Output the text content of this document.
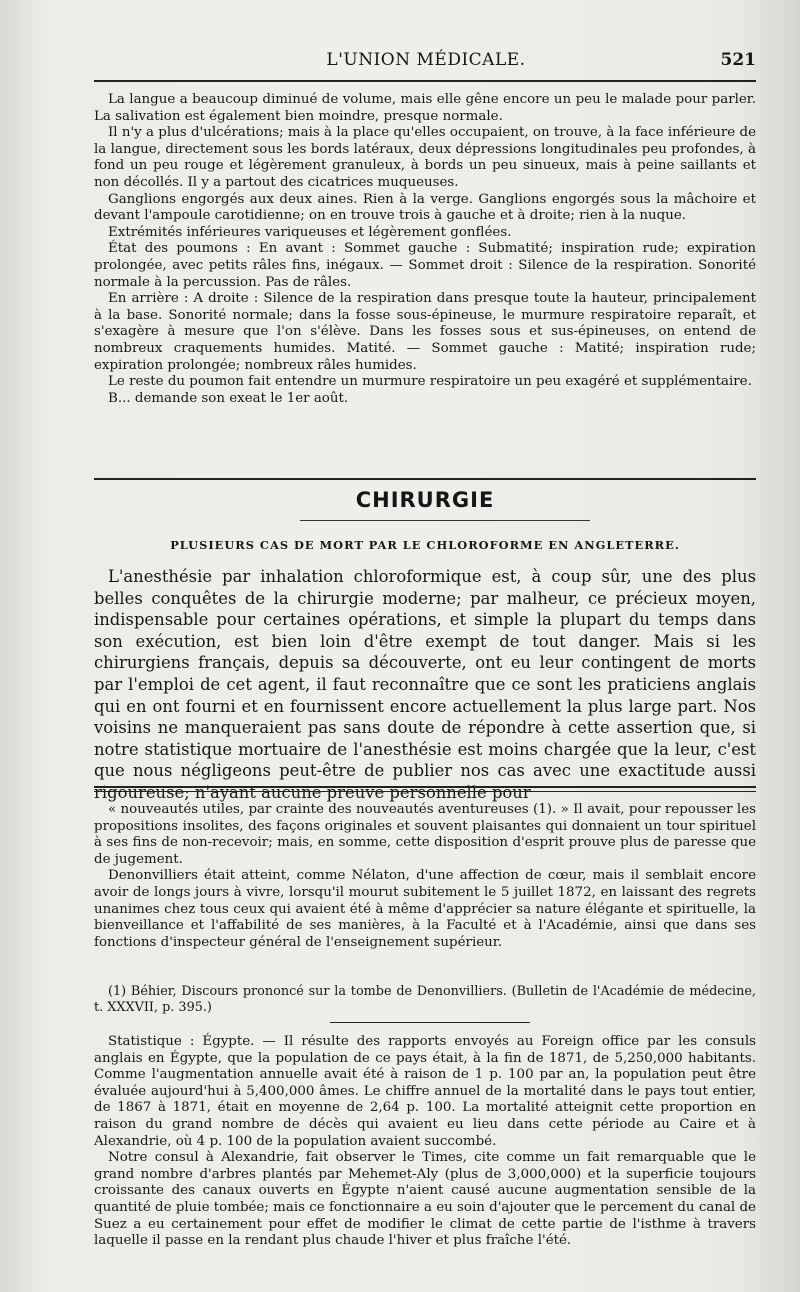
L'UNION MÉDICALE.	521

La langue a beaucoup diminué de volume, mais elle gêne encore un peu le malade pour parler. La salivation est également bien moindre, presque normale.

Il n'y a plus d'ulcérations; mais à la place qu'elles occupaient, on trouve, à la face inférieure de la langue, directement sous les bords latéraux, deux dépressions longitudinales peu profondes, à fond un peu rouge et légèrement granuleux, à bords un peu sinueux, mais à peine saillants et non décollés. Il y a partout des cicatrices muqueuses.

Ganglions engorgés aux deux aines. Rien à la verge. Ganglions engorgés sous la mâchoire et devant l'ampoule carotidienne; on en trouve trois à gauche et à droite; rien à la nuque.

Extrémités inférieures variqueuses et légèrement gonflées.

État des poumons : En avant : Sommet gauche : Submatité; inspiration rude; expiration prolongée, avec petits râles fins, inégaux. — Sommet droit : Silence de la respiration. Sonorité normale à la percussion. Pas de râles.

En arrière : A droite : Silence de la respiration dans presque toute la hauteur, principalement à la base. Sonorité normale; dans la fosse sous-épineuse, le murmure respiratoire reparaît, et s'exagère à mesure que l'on s'élève. Dans les fosses sous et sus-épineuses, on entend de nombreux craquements humides. Matité. — Sommet gauche : Matité; inspiration rude; expiration prolongée; nombreux râles humides.

Le reste du poumon fait entendre un murmure respiratoire un peu exagéré et supplémentaire.

B... demande son exeat le 1er août.

CHIRURGIE
PLUSIEURS CAS DE MORT PAR LE CHLOROFORME EN ANGLETERRE.

L'anesthésie par inhalation chloroformique est, à coup sûr, une des plus belles conquêtes de la chirurgie moderne; par malheur, ce précieux moyen, indispensable pour certaines opérations, et simple la plupart du temps dans son exécution, est bien loin d'être exempt de tout danger. Mais si les chirurgiens français, depuis sa découverte, ont eu leur contingent de morts par l'emploi de cet agent, il faut reconnaître que ce sont les praticiens anglais qui en ont fourni et en fournissent encore actuellement la plus large part. Nos voisins ne manqueraient pas sans doute de répondre à cette assertion que, si notre statistique mortuaire de l'anesthésie est moins chargée que la leur, c'est que nous négligeons peut-être de publier nos cas avec une exactitude aussi rigoureuse; n'ayant aucune preuve personnelle pour

« nouveautés utiles, par crainte des nouveautés aventureuses (1). » Il avait, pour repousser les propositions insolites, des façons originales et souvent plaisantes qui donnaient un tour spirituel à ses fins de non-recevoir; mais, en somme, cette disposition d'esprit prouve plus de paresse que de jugement.

Denonvilliers était atteint, comme Nélaton, d'une affection de cœur, mais il semblait encore avoir de longs jours à vivre, lorsqu'il mourut subitement le 5 juillet 1872, en laissant des regrets unanimes chez tous ceux qui avaient été à même d'apprécier sa nature élégante et spirituelle, la bienveillance et l'affabilité de ses manières, à la Faculté et à l'Académie, ainsi que dans ses fonctions d'inspecteur général de l'enseignement supérieur.

(1) Béhier, Discours prononcé sur la tombe de Denonvilliers. (Bulletin de l'Académie de médecine, t. XXXVII, p. 395.)

Statistique : Égypte. — Il résulte des rapports envoyés au Foreign office par les consuls anglais en Égypte, que la population de ce pays était, à la fin de 1871, de 5,250,000 habitants. Comme l'augmentation annuelle avait été à raison de 1 p. 100 par an, la population peut être évaluée aujourd'hui à 5,400,000 âmes. Le chiffre annuel de la mortalité dans le pays tout entier, de 1867 à 1871, était en moyenne de 2,64 p. 100. La mortalité atteignit cette proportion en raison du grand nombre de décès qui avaient eu lieu dans cette période au Caire et à Alexandrie, où 4 p. 100 de la population avaient succombé.

Notre consul à Alexandrie, fait observer le Times, cite comme un fait remarquable que le grand nombre d'arbres plantés par Mehemet-Aly (plus de 3,000,000) et la superficie toujours croissante des canaux ouverts en Égypte n'aient causé aucune augmentation sensible de la quantité de pluie tombée; mais ce fonctionnaire a eu soin d'ajouter que le percement du canal de Suez a eu certainement pour effet de modifier le climat de cette partie de l'isthme à travers laquelle il passe en la rendant plus chaude l'hiver et plus fraîche l'été.
